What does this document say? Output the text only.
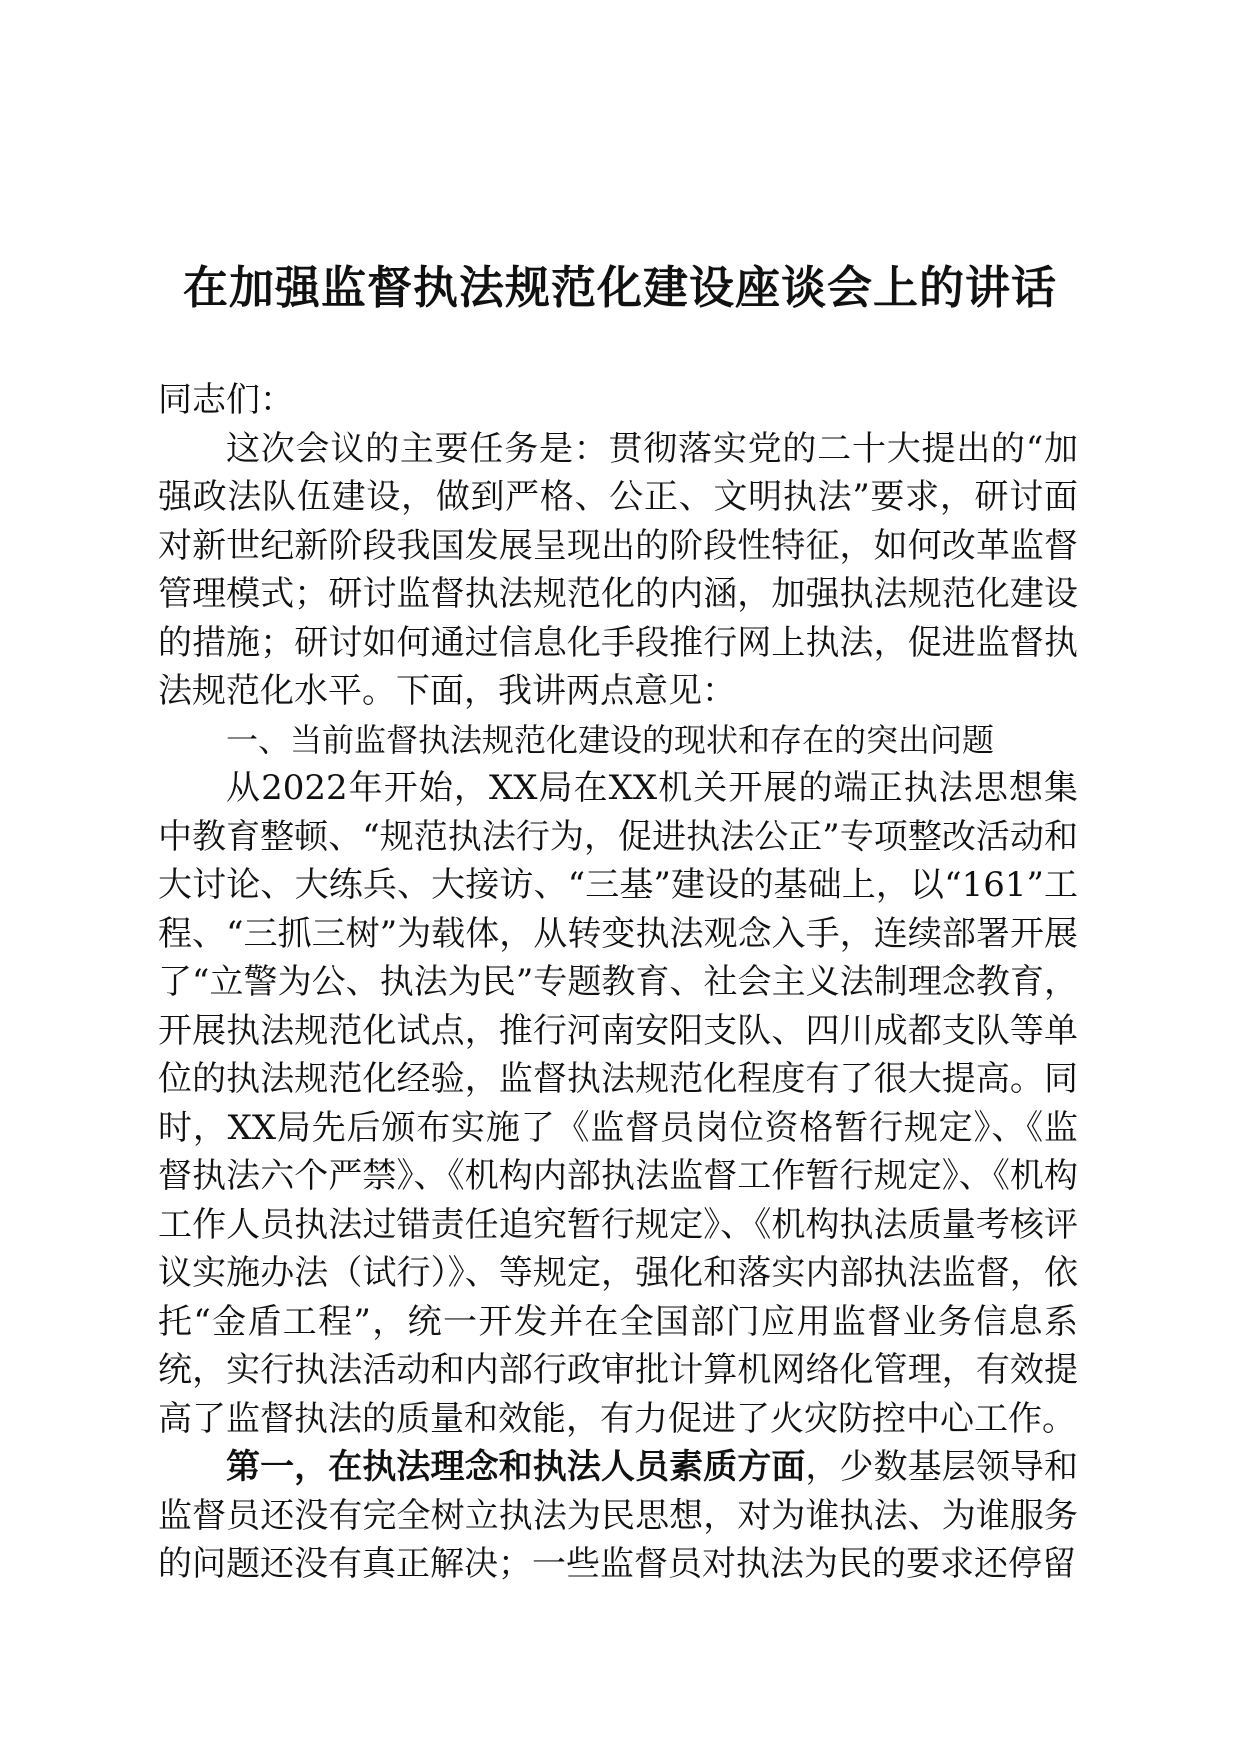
在加强监督执法规范化建设座谈会上的讲话

同志们：

这次会议的主要任务是：贯彻落实党的二十大提出的“加强政法队伍建设，做到严格、公正、文明执法”要求，研讨面对新世纪新阶段我国发展呈现出的阶段性特征，如何改革监督管理模式；研讨监督执法规范化的内涵，加强执法规范化建设的措施；研讨如何通过信息化手段推行网上执法，促进监督执法规范化水平。下面，我讲两点意见：

一、当前监督执法规范化建设的现状和存在的突出问题

从2022年开始，XX局在XX机关开展的端正执法思想集中教育整顿、“规范执法行为，促进执法公正”专项整改活动和大讨论、大练兵、大接访、“三基”建设的基础上，以“161”工程、“三抓三树”为载体，从转变执法观念入手，连续部署开展了“立警为公、执法为民”专题教育、社会主义法制理念教育，开展执法规范化试点，推行河南安阳支队、四川成都支队等单位的执法规范化经验，监督执法规范化程度有了很大提高。同时，XX局先后颁布实施了《监督员岗位资格暂行规定》、《监督执法六个严禁》、《机构内部执法监督工作暂行规定》、《机构工作人员执法过错责任追究暂行规定》、《机构执法质量考核评议实施办法（试行）》、等规定，强化和落实内部执法监督，依托“金盾工程”，统一开发并在全国部门应用监督业务信息系统，实行执法活动和内部行政审批计算机网络化管理，有效提高了监督执法的质量和效能，有力促进了火灾防控中心工作。

第一，在执法理念和执法人员素质方面，少数基层领导和监督员还没有完全树立执法为民思想，对为谁执法、为谁服务的问题还没有真正解决；一些监督员对执法为民的要求还停留
